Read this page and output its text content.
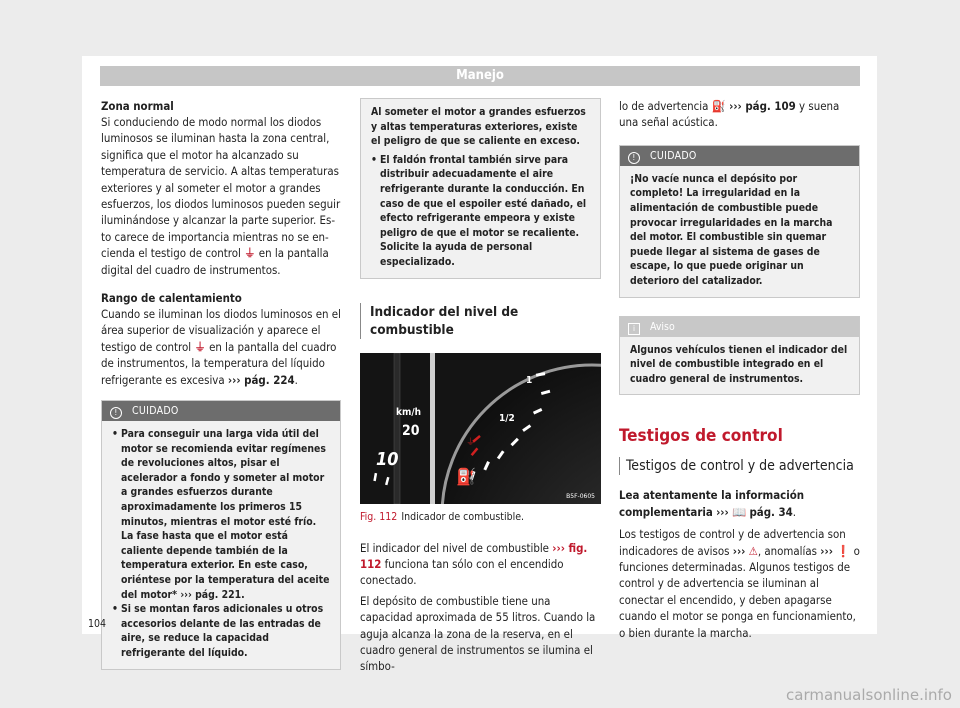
Manejo

Zona normal

Si conduciendo de modo normal los diodos luminosos se iluminan hasta la zona central, significa que el motor ha alcanzado su temperatura de servicio. A altas temperaturas exteriores y al someter el motor a grandes esfuerzos, los diodos luminosos pueden seguir iluminándose y alcanzar la parte superior. Es-to carece de importancia mientras no se en-cienda el testigo de control ⏚ en la pantalla digital del cuadro de instrumentos.

Rango de calentamiento

Cuando se iluminan los diodos luminosos en el área superior de visualización y aparece el testigo de control ⏚ en la pantalla del cuadro de instrumentos, la temperatura del líquido refrigerante es excesiva ››› pág. 224.

! CUIDADO

• Para conseguir una larga vida útil del motor se recomienda evitar regímenes de revoluciones altos, pisar el acelerador a fondo y someter al motor a grandes esfuerzos durante aproximadamente los primeros 15 minutos, mientras el motor esté frío. La fase hasta que el motor está caliente depende también de la temperatura exterior. En este caso, oriéntese por la temperatura del aceite del motor* ››› pág. 221.

• Si se montan faros adicionales u otros accesorios delante de las entradas de aire, se reduce la capacidad refrigerante del líquido.

Al someter el motor a grandes esfuerzos y altas temperaturas exteriores, existe el peligro de que se caliente en exceso.

• El faldón frontal también sirve para distribuir adecuadamente el aire refrigerante durante la conducción. En caso de que el espoiler esté dañado, el efecto refrigerante empeora y existe peligro de que el motor se recaliente. Solicite la ayuda de personal especializado.

Indicador del nivel de combustible

km/h
20
10
1
1/2
⛽
⏚
B5F-0605
Fig. 112 Indicador de combustible.

El indicador del nivel de combustible ››› fig. 112 funciona tan sólo con el encendido conectado.

El depósito de combustible tiene una capacidad aproximada de 55 litros. Cuando la aguja alcanza la zona de la reserva, en el cuadro general de instrumentos se ilumina el símbo-

lo de advertencia ⛽ ››› pág. 109 y suena una señal acústica.

! CUIDADO

¡No vacíe nunca el depósito por completo! La irregularidad en la alimentación de combustible puede provocar irregularidades en la marcha del motor. El combustible sin quemar puede llegar al sistema de gases de escape, lo que puede originar un deterioro del catalizador.

i Aviso

Algunos vehículos tienen el indicador del nivel de combustible integrado en el cuadro general de instrumentos.

Testigos de control

Testigos de control y de advertencia

Lea atentamente la información complementaria ››› 📖 pág. 34.

Los testigos de control y de advertencia son indicadores de avisos ››› ⚠, anomalías ››› ❗ o funciones determinadas. Algunos testigos de control y de advertencia se iluminan al conectar el encendido, y deben apagarse cuando el motor se ponga en funcionamiento, o bien durante la marcha.

104
carmanualsonline.info
